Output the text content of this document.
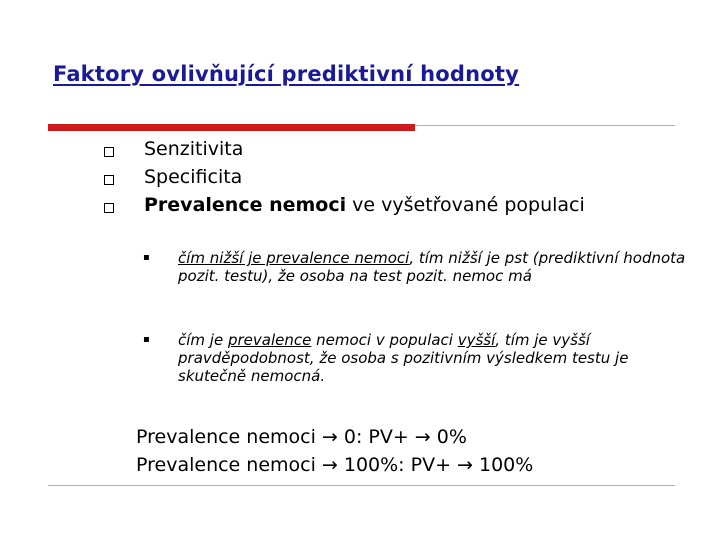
Faktory ovlivňující prediktivní hodnoty
Senzitivita
Specificita
Prevalence nemoci ve vyšetřované populaci
▪ čím nižší je prevalence nemoci, tím nižší je pst (prediktivní hodnota pozit. testu), že osoba na test pozit. nemoc má
▪ čím je prevalence nemoci v populaci vyšší, tím je vyšší pravděpodobnost, že osoba s pozitivním výsledkem testu je skutečně nemocná.
Prevalence nemoci → 0: PV+ → 0%
Prevalence nemoci → 100%: PV+ → 100%
